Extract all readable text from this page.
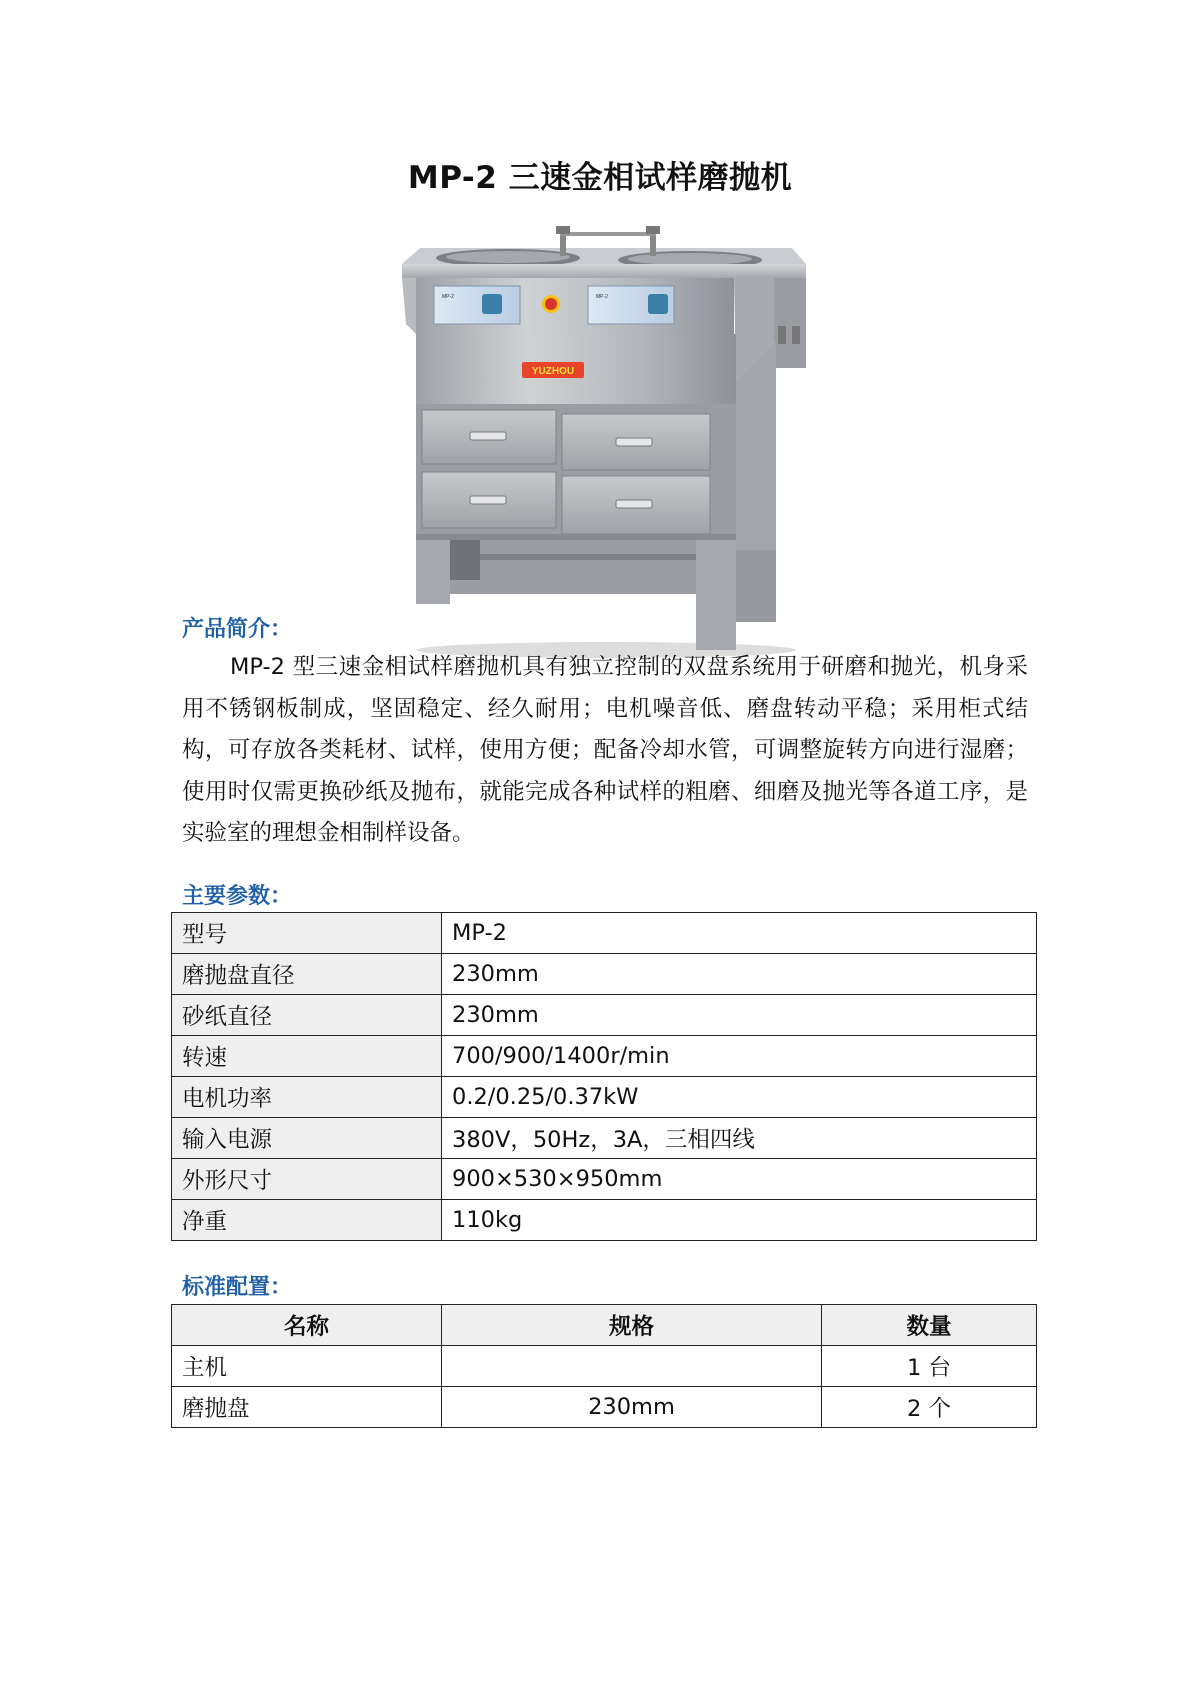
MP-2 三速金相试样磨抛机
MP-2	MP-2
YUZHOU
产品简介：
MP-2 型三速金相试样磨抛机具有独立控制的双盘系统用于研磨和抛光，机身采用不锈钢板制成，坚固稳定、经久耐用；电机噪音低、磨盘转动平稳；采用柜式结构，可存放各类耗材、试样，使用方便；配备冷却水管，可调整旋转方向进行湿磨；使用时仅需更换砂纸及抛布，就能完成各种试样的粗磨、细磨及抛光等各道工序，是实验室的理想金相制样设备。
主要参数：
型号	MP-2
磨抛盘直径	230mm
砂纸直径	230mm
转速	700/900/1400r/min
电机功率	0.2/0.25/0.37kW
输入电源	380V，50Hz，3A，三相四线
外形尺寸	900×530×950mm
净重	110kg
标准配置：
名称	规格	数量
主机		1 台
磨抛盘	230mm	2 个
